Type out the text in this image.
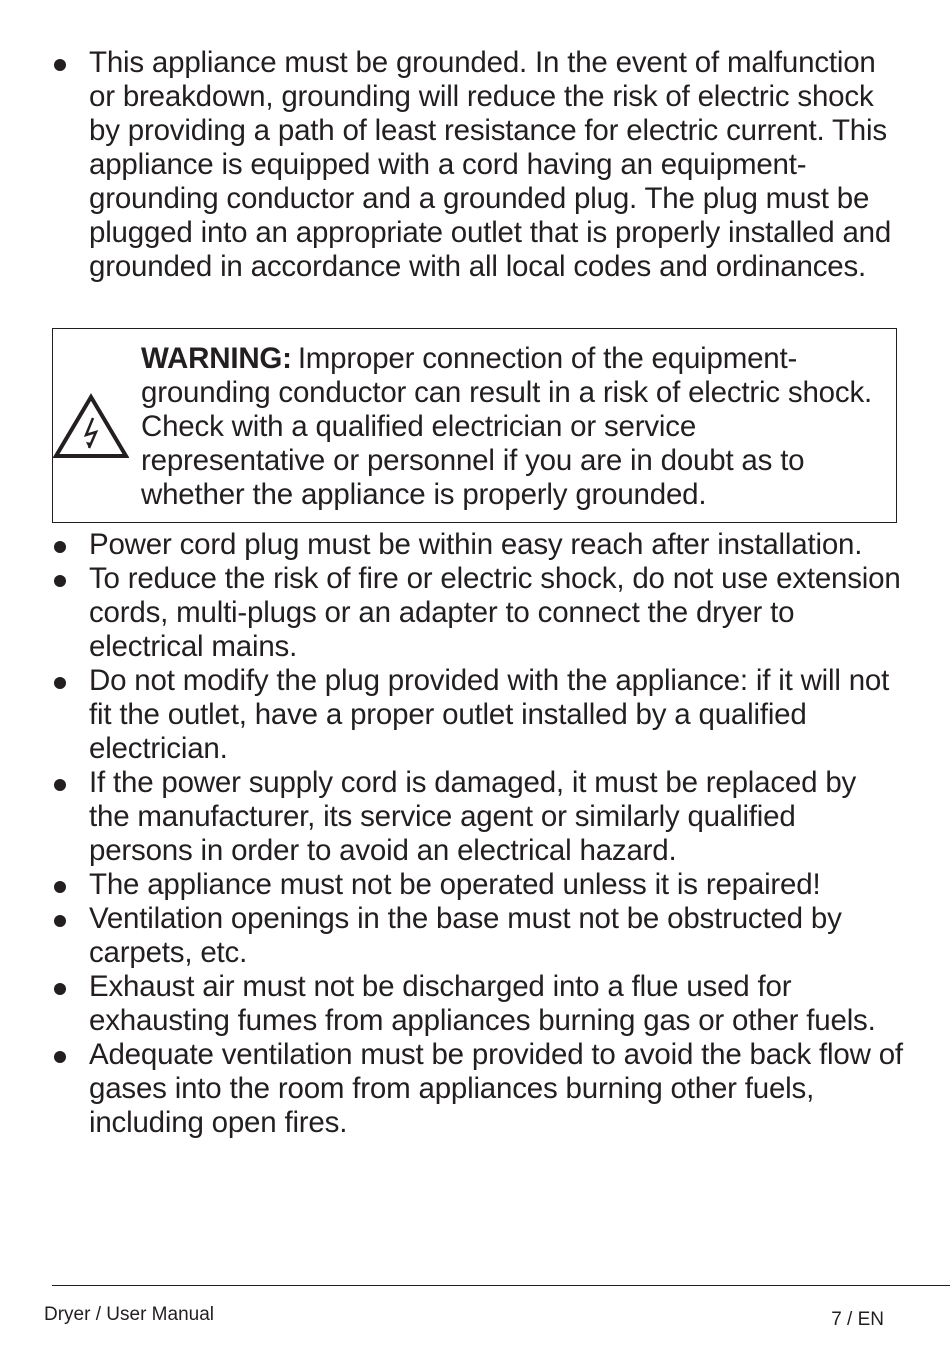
This appliance must be grounded. In the event of malfunction or breakdown, grounding will reduce the risk of electric shock by providing a path of least resistance for electric current. This appliance is equipped with a cord having an equipment-grounding conductor and a grounded plug. The plug must be plugged into an appropriate outlet that is properly installed and grounded in accordance with all local codes and ordinances.
WARNING: Improper connection of the equipment-grounding conductor can result in a risk of electric shock. Check with a qualified electrician or service representative or personnel if you are in doubt as to whether the appliance is properly grounded.
Power cord plug must be within easy reach after installation.
To reduce the risk of fire or electric shock, do not use extension cords, multi-plugs or an adapter to connect the dryer to electrical mains.
Do not modify the plug provided with the appliance: if it will not fit the outlet, have a proper outlet installed by a qualified electrician.
If the power supply cord is damaged, it must be replaced by the manufacturer, its service agent or similarly qualified persons in order to avoid an electrical hazard.
The appliance must not be operated unless it is repaired!
Ventilation openings in the base must not be obstructed by carpets, etc.
Exhaust air must not be discharged into a flue used for exhausting fumes from appliances burning gas or other fuels.
Adequate ventilation must be provided to avoid the back flow of gases into the room from appliances burning other fuels, including open fires.
Dryer / User Manual	7 / EN
